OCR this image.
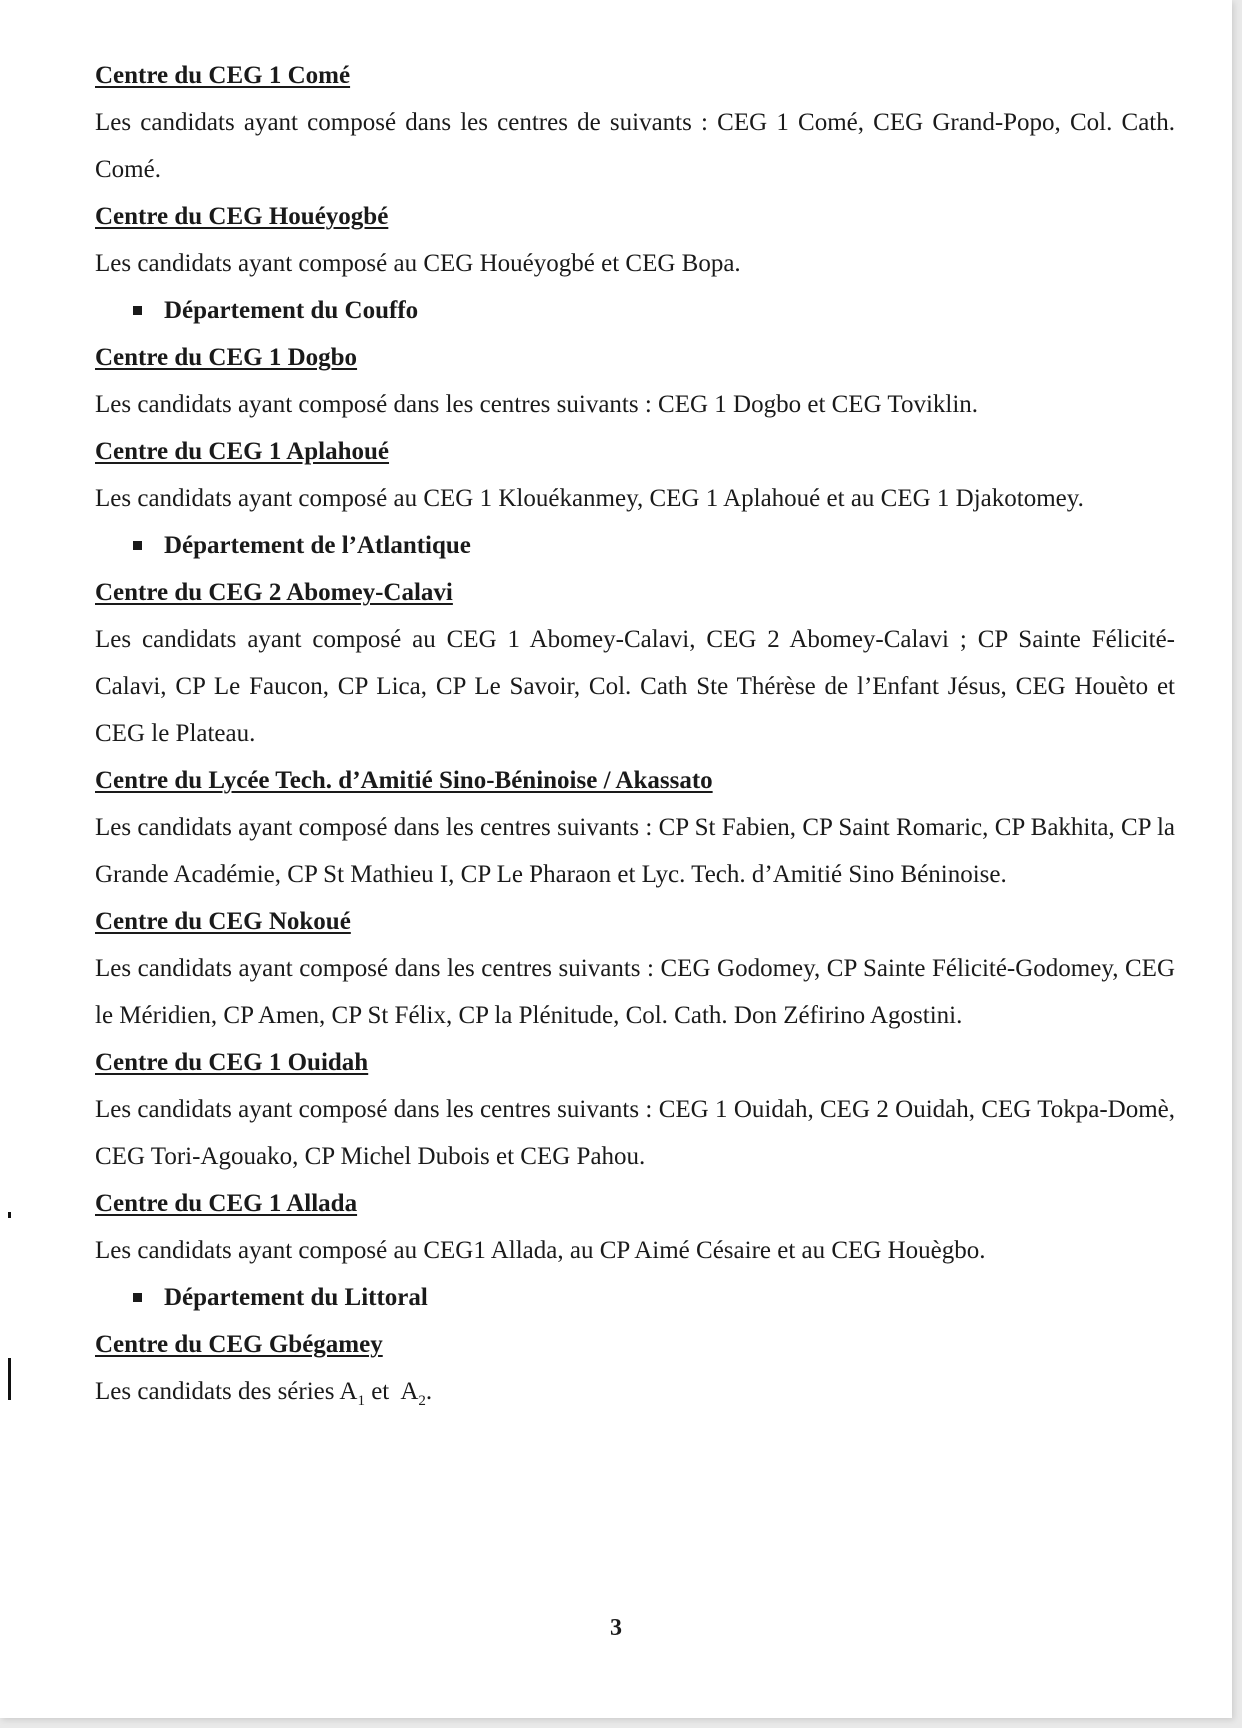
Centre du CEG 1 Comé

Les candidats ayant composé dans les centres de suivants : CEG 1 Comé, CEG Grand-Popo, Col. Cath. Comé.

Centre du CEG Houéyogbé

Les candidats ayant composé au CEG Houéyogbé et CEG Bopa.

Département du Couffo

Centre du CEG 1 Dogbo

Les candidats ayant composé dans les centres suivants : CEG 1 Dogbo et CEG Toviklin.

Centre du CEG 1 Aplahoué

Les candidats ayant composé au CEG 1 Klouékanmey, CEG 1 Aplahoué et au CEG 1 Djakotomey.

Département de l’Atlantique

Centre du CEG 2 Abomey-Calavi

Les candidats ayant composé au CEG 1 Abomey-Calavi, CEG 2 Abomey-Calavi ; CP Sainte Félicité-Calavi, CP Le Faucon, CP Lica, CP Le Savoir, Col. Cath Ste Thérèse de l’Enfant Jésus, CEG Houèto et CEG le Plateau.

Centre du Lycée Tech. d’Amitié Sino-Béninoise / Akassato

Les candidats ayant composé dans les centres suivants : CP St Fabien, CP Saint Romaric, CP Bakhita, CP la Grande Académie, CP St Mathieu I, CP Le Pharaon et Lyc. Tech. d’Amitié Sino Béninoise.

Centre du CEG Nokoué

Les candidats ayant composé dans les centres suivants : CEG Godomey, CP Sainte Félicité-Godomey, CEG le Méridien, CP Amen, CP St Félix, CP la Plénitude, Col. Cath. Don Zéfirino Agostini.

Centre du CEG 1 Ouidah

Les candidats ayant composé dans les centres suivants : CEG 1 Ouidah, CEG 2 Ouidah, CEG Tokpa-Domè, CEG Tori-Agouako, CP Michel Dubois et CEG Pahou.

Centre du CEG 1 Allada

Les candidats ayant composé au CEG1 Allada, au CP Aimé Césaire et au CEG Houègbo.

Département du Littoral

Centre du CEG Gbégamey

Les candidats des séries $A_1$ et  $A_2$.

3
